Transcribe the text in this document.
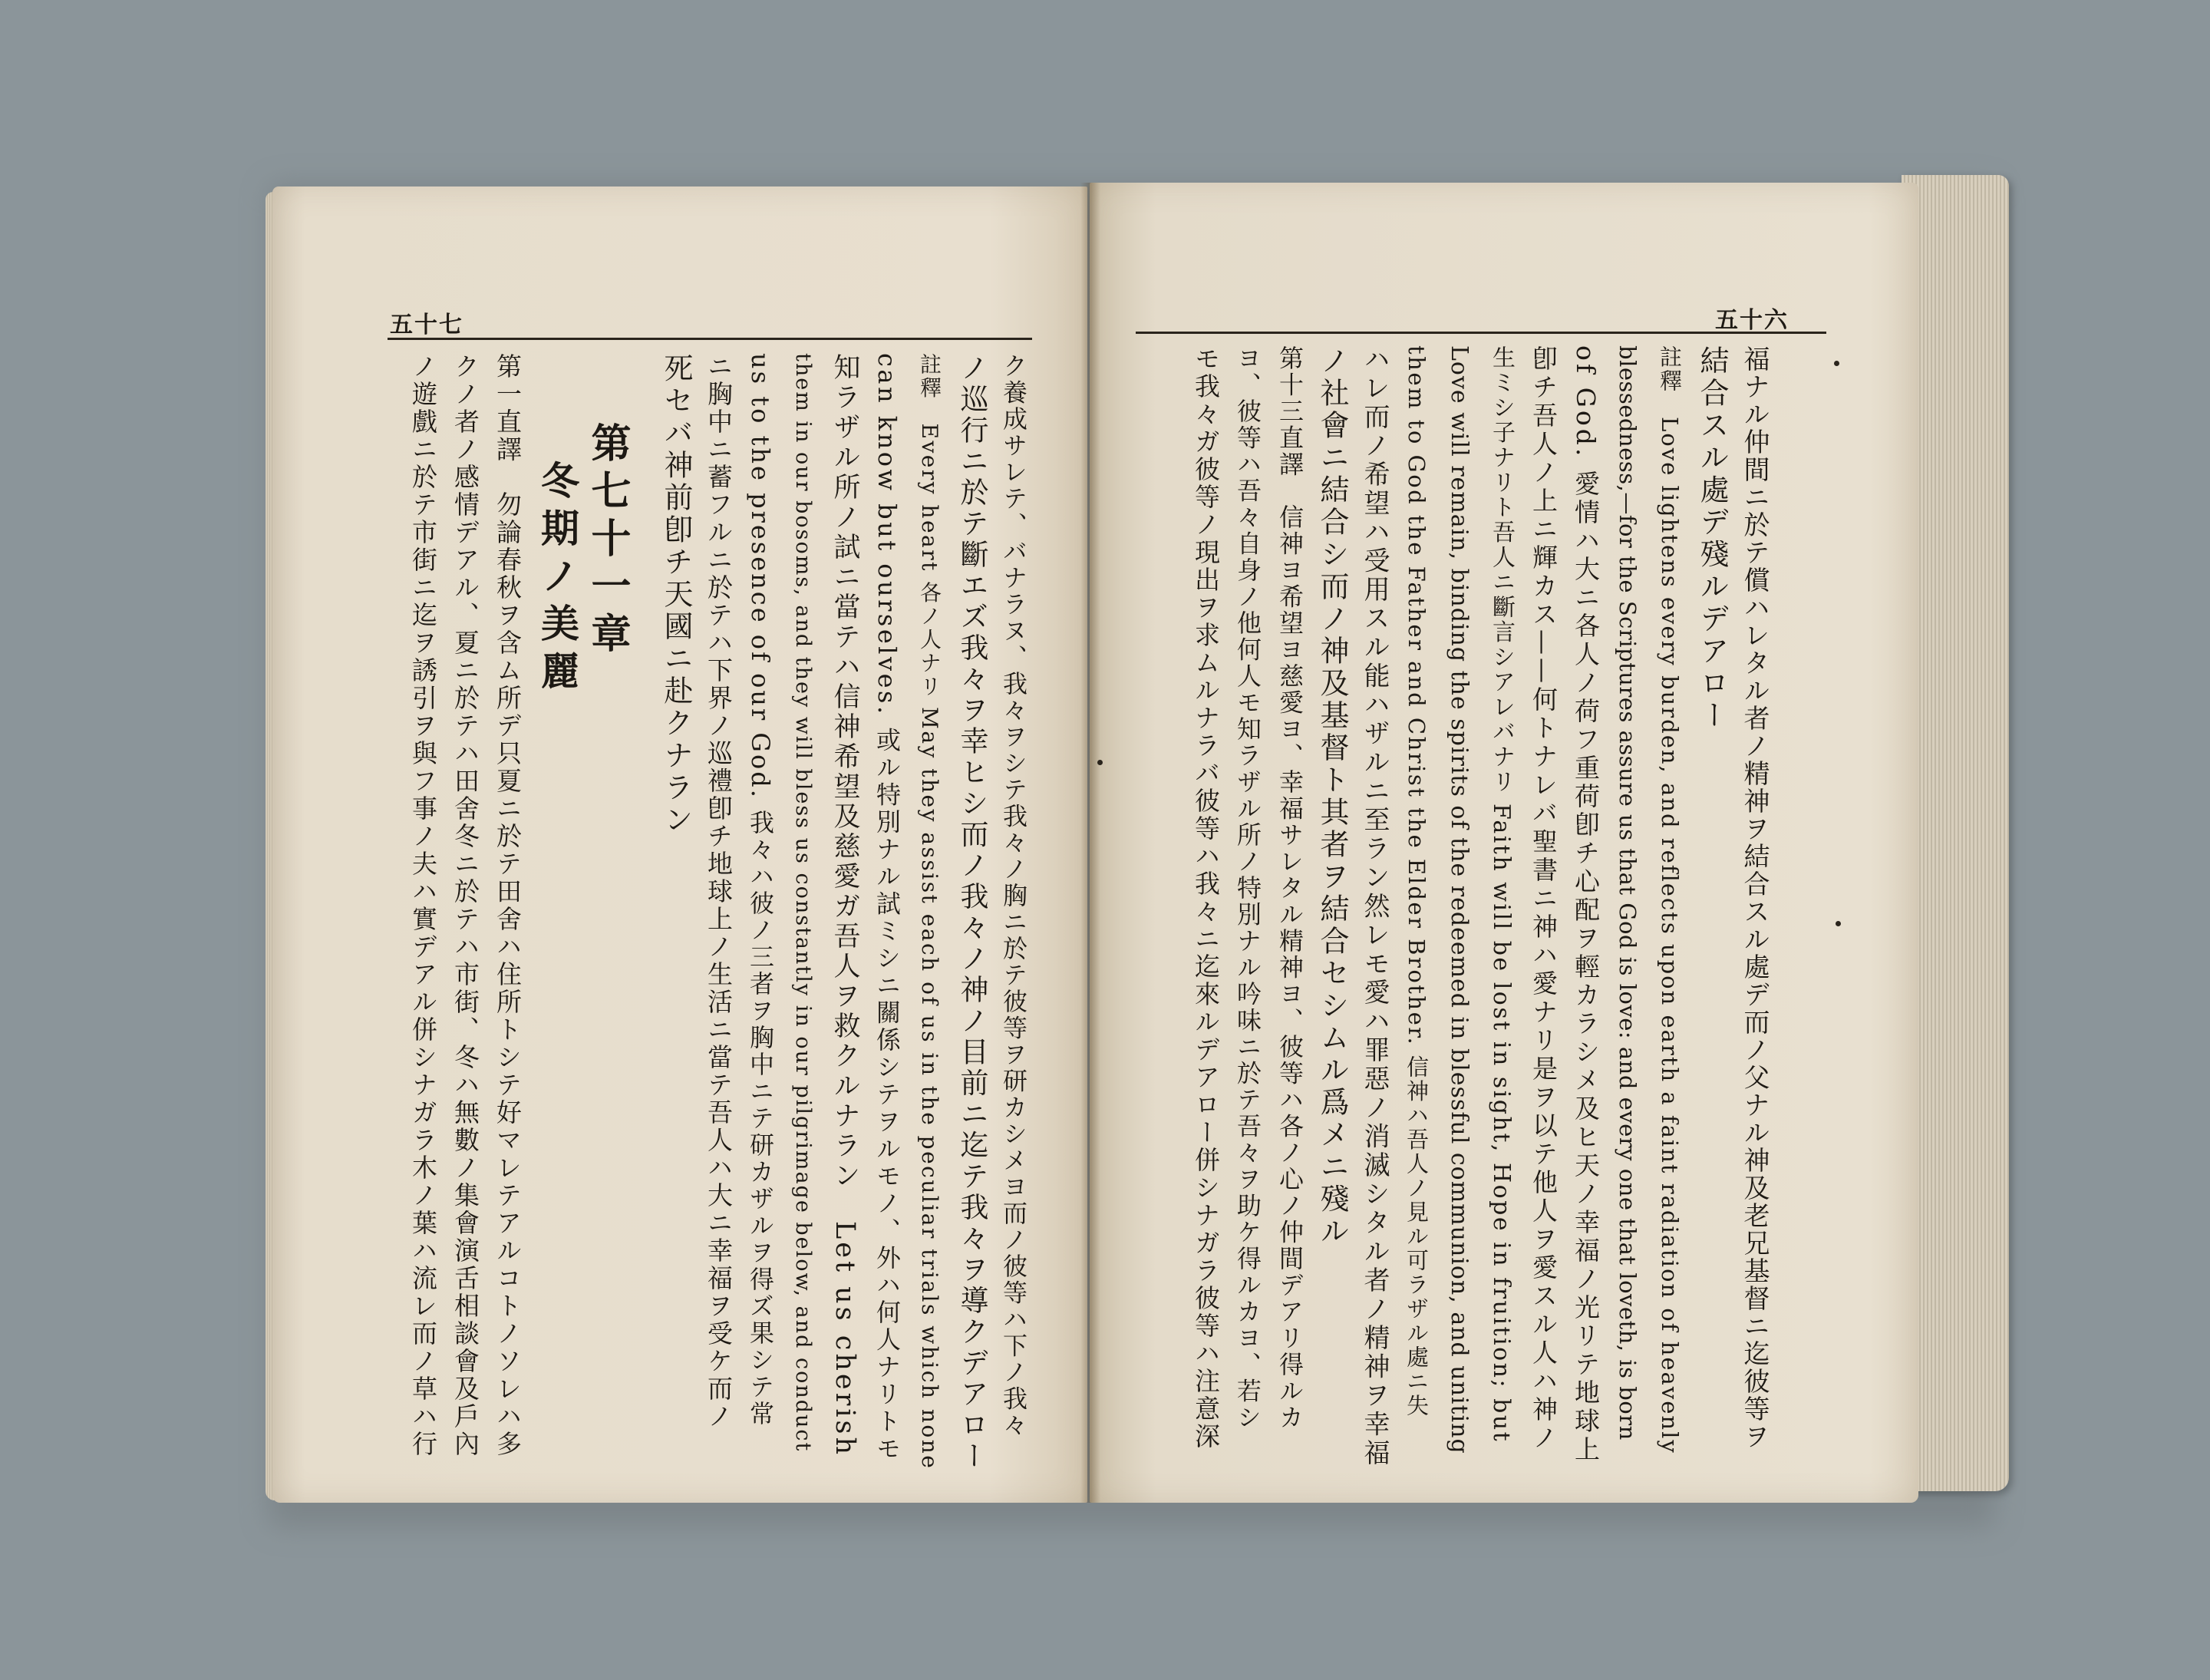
五十七	五十六
福ナル仲間ニ於テ償ハレタル者ノ精神ヲ結合スル處デ而ノ父ナル神及老兄基督ニ迄彼等ヲ
結合スル處デ殘ルデアロー
註釋　Love lightens every burden, and reflects upon earth a faint radiation of heavenly
blessedness,—for the Scriptures assure us that God is love: and every one that loveth, is born
of God. 愛情ハ大ニ各人ノ荷フ重荷卽チ心配ヲ輕カラシメ及ヒ天ノ幸福ノ光リテ地球上
卽チ吾人ノ上ニ輝カス——何トナレバ聖書ニ神ハ愛ナリ是ヲ以テ他人ヲ愛スル人ハ神ノ
生ミシ子ナリト吾人ニ斷言シアレバナリ Faith will be lost in sight, Hope in fruition; but
Love will remain, binding the spirits of the redeemed in blessful communion, and uniting
them to God the Father and Christ the Elder Brother. 信神ハ吾人ノ見ル可ラザル處ニ失
ハレ而ノ希望ハ受用スル能ハザルニ至ラン然レモ愛ハ罪惡ノ消滅シタル者ノ精神ヲ幸福
ノ社會ニ結合シ而ノ神及基督ト其者ヲ結合セシムル爲メニ殘ル
第十三直譯　信神ヨ希望ヨ慈愛ヨ、幸福サレタル精神ヨ、彼等ハ各ノ心ノ仲間デアリ得ルカ
ヨ、彼等ハ吾々自身ノ他何人モ知ラザル所ノ特別ナル吟味ニ於テ吾々ヲ助ケ得ルカヨ、若シ
モ我々ガ彼等ノ現出ヲ求ムルナラバ彼等ハ我々ニ迄來ルデアロー併シナガラ彼等ハ注意深
ク養成サレテ、バナラヌ、我々ヲシテ我々ノ胸ニ於テ彼等ヲ研カシメヨ而ノ彼等ハ下ノ我々
ノ巡行ニ於テ斷エズ我々ヲ幸ヒシ而ノ我々ノ神ノ目前ニ迄テ我々ヲ導クデアロー
註釋　Every heart 各ノ人ナリ May they assist each of us in the peculiar trials which none
can know but ourselves. 或ル特別ナル試ミシニ關係シテヲルモノ、外ハ何人ナリトモ
知ラザル所ノ試ニ當テハ信神希望及慈愛ガ吾人ヲ救クルナラン　Let us cherish
them in our bosoms, and they will bless us constantly in our pilgrimage below, and conduct
us to the presence of our God. 我々ハ彼ノ三者ヲ胸中ニテ研カザルヲ得ズ果シテ常
ニ胸中ニ蓄フルニ於テハ下界ノ巡禮卽チ地球上ノ生活ニ當テ吾人ハ大ニ幸福ヲ受ケ而ノ
死セバ神前卽チ天國ニ赴クナラン
第七十一章
冬期ノ美麗
第一直譯　勿論春秋ヲ含ム所デ只夏ニ於テ田舍ハ住所トシテ好マレテアルコトノソレハ多
クノ者ノ感情デアル、夏ニ於テハ田舍冬ニ於テハ市街、冬ハ無數ノ集會演舌相談會及戶內
ノ遊戲ニ於テ市街ニ迄ヲ誘引ヲ與フ事ノ夫ハ實デアル併シナガラ木ノ葉ハ流レ而ノ草ハ行
